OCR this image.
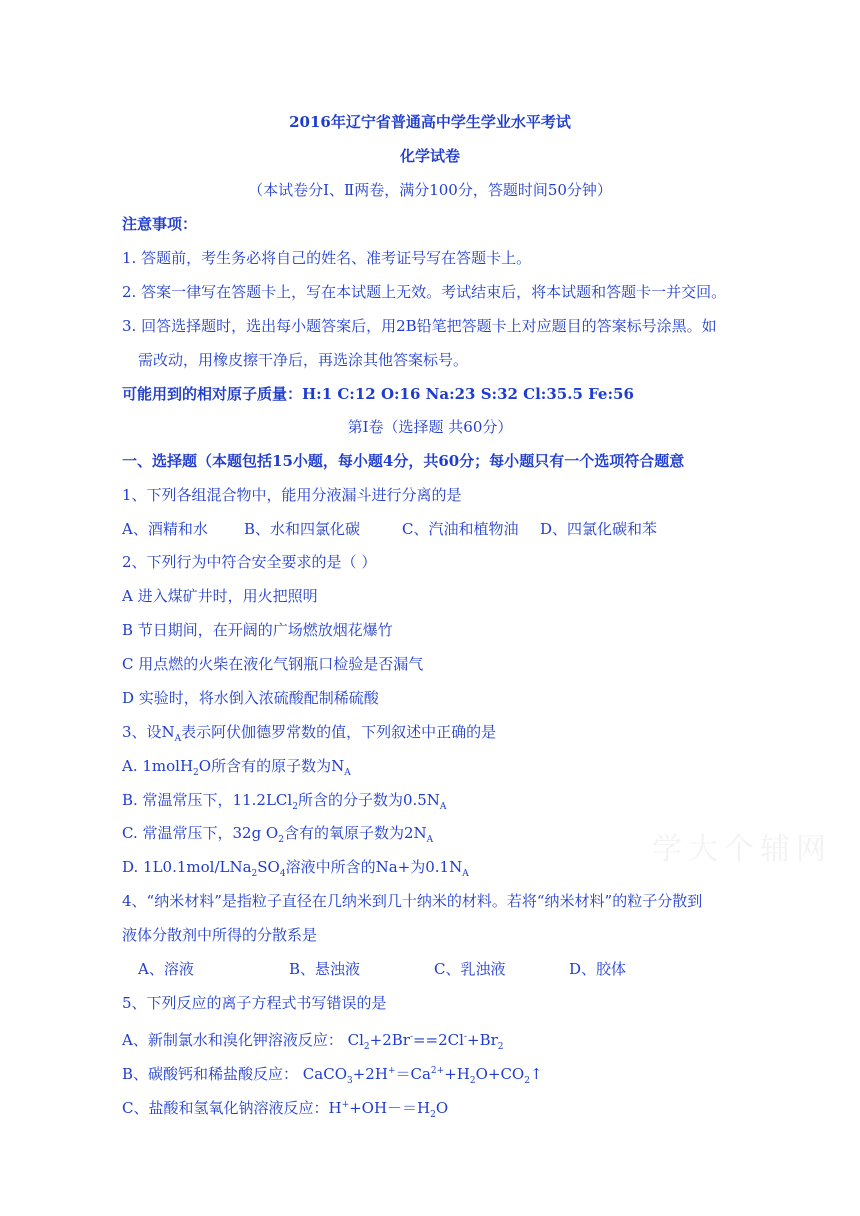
2016年辽宁省普通高中学生学业水平考试
化学试卷
（本试卷分Ⅰ、Ⅱ两卷，满分100分，答题时间50分钟）
注意事项：
1. 答题前，考生务必将自己的姓名、准考证号写在答题卡上。
2. 答案一律写在答题卡上，写在本试题上无效。考试结束后，将本试题和答题卡一并交回。
3. 回答选择题时，选出每小题答案后，用2B铅笔把答题卡上对应题目的答案标号涂黑。如
需改动，用橡皮擦干净后，再选涂其他答案标号。
可能用到的相对原子质量：H:1 C:12 O:16 Na:23 S:32 Cl:35.5 Fe:56
第Ⅰ卷（选择题 共60分）
一、选择题（本题包括15小题，每小题4分，共60分；每小题只有一个选项符合题意
1、下列各组混合物中，能用分液漏斗进行分离的是
A、酒精和水 B、水和四氯化碳	C、汽油和植物油 D、四氯化碳和苯
2、下列行为中符合安全要求的是（ ）
A 进入煤矿井时，用火把照明
B 节日期间，在开阔的广场燃放烟花爆竹
C 用点燃的火柴在液化气钢瓶口检验是否漏气
D 实验时，将水倒入浓硫酸配制稀硫酸
3、设$N_A$表示阿伏伽德罗常数的值，下列叙述中正确的是
A. 1molH$_2$O所含有的原子数为$N_A$
B. 常温常压下，11.2LCl$_2$所含的分子数为$0.5N_A$
C. 常温常压下，32g $O_2$含有的氧原子数为$2N_A$
D. $1L0.1mol/LNa_2SO_4$溶液中所含的Na+为$0.1N_A$
学大个辅网
4、“纳米材料”是指粒子直径在几纳米到几十纳米的材料。若将“纳米材料”的粒子分散到
液体分散剂中所得的分散系是
A、溶液	B、悬浊液	C、乳浊液	D、胶体
5、下列反应的离子方程式书写错误的是
A、新制氯水和溴化钾溶液反应： $Cl_2+2Br^-==2Cl^-+Br_2$
B、碳酸钙和稀盐酸反应： $CaCO_3+2H^+=Ca^{2+}+H_2O+CO_2↑$
C、盐酸和氢氧化钠溶液反应：$H^++OH-=H_2O$
